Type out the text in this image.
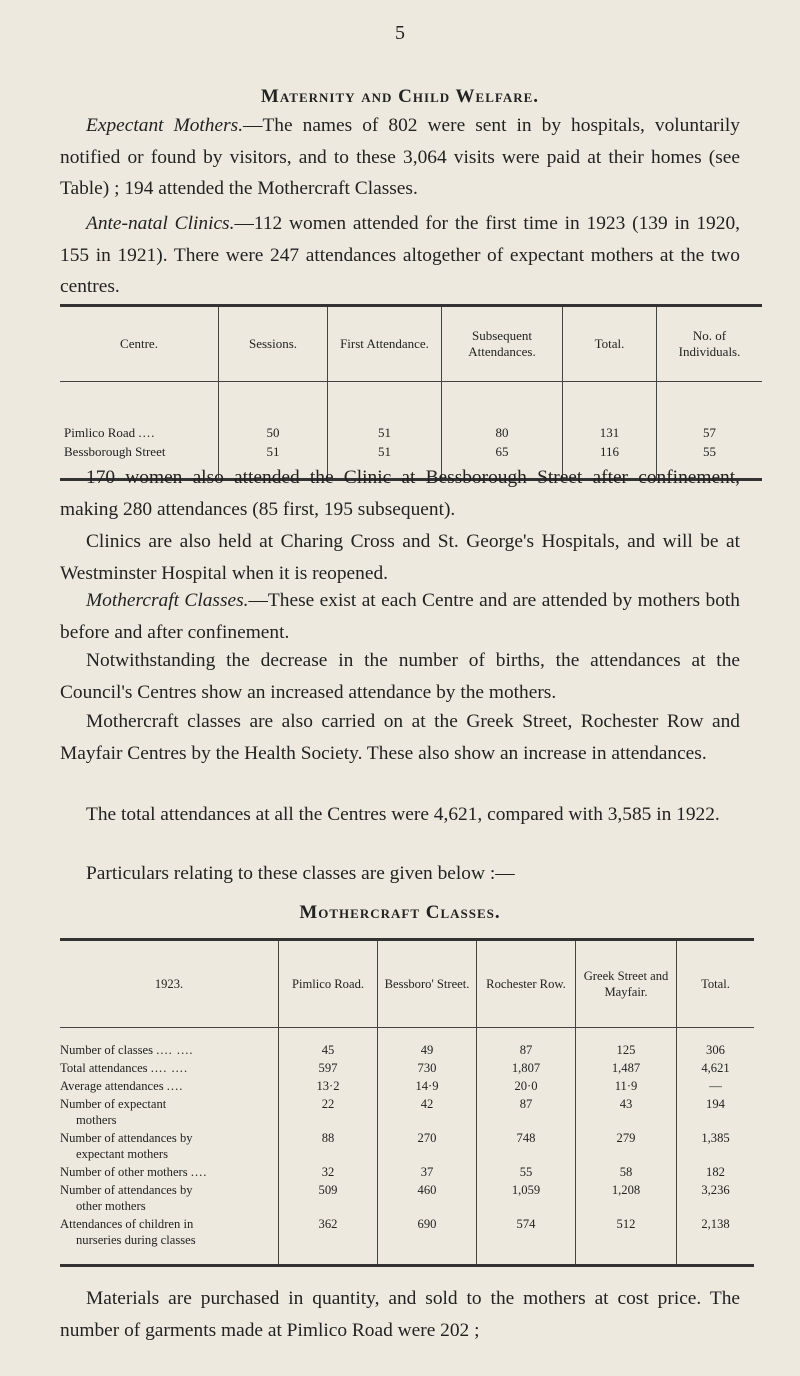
5
Maternity and Child Welfare.

Expectant Mothers.—The names of 802 were sent in by hospitals, voluntarily notified or found by visitors, and to these 3,064 visits were paid at their homes (see Table) ; 194 attended the Mothercraft Classes.

Ante-natal Clinics.—112 women attended for the first time in 1923 (139 in 1920, 155 in 1921). There were 247 attendances altogether of expectant mothers at the two centres.

Centre.	Sessions.	First Attendance.	Subsequent Attendances.	Total.	No. of Individuals.
Pimlico Road ....	50	51	80	131	57
Bessborough Street	51	51	65	116	55

170 women also attended the Clinic at Bessborough Street after confinement, making 280 attendances (85 first, 195 subsequent).

Clinics are also held at Charing Cross and St. George's Hospitals, and will be at Westminster Hospital when it is reopened.

Mothercraft Classes.—These exist at each Centre and are attended by mothers both before and after confinement.

Notwithstanding the decrease in the number of births, the attendances at the Council's Centres show an increased attendance by the mothers.

Mothercraft classes are also carried on at the Greek Street, Rochester Row and Mayfair Centres by the Health Society. These also show an increase in attendances.

The total attendances at all the Centres were 4,621, compared with 3,585 in 1922.

Particulars relating to these classes are given below :—

Mothercraft Classes.
1923.	Pimlico Road.	Bessboro' Street.	Rochester Row.	Greek Street and Mayfair.	Total.
Number of classes .... ....	45	49	87	125	306
Total attendances .... ....	597	730	1,807	1,487	4,621
Average attendances ....	13·2	14·9	20·0	11·9	—
Number of expectant
mothers	22	42	87	43	194
Number of attendances by
expectant mothers	88	270	748	279	1,385
Number of other mothers ....	32	37	55	58	182
Number of attendances by
other mothers	509	460	1,059	1,208	3,236
Attendances of children in
nurseries during classes	362	690	574	512	2,138

Materials are purchased in quantity, and sold to the mothers at cost price. The number of garments made at Pimlico Road were 202 ;
